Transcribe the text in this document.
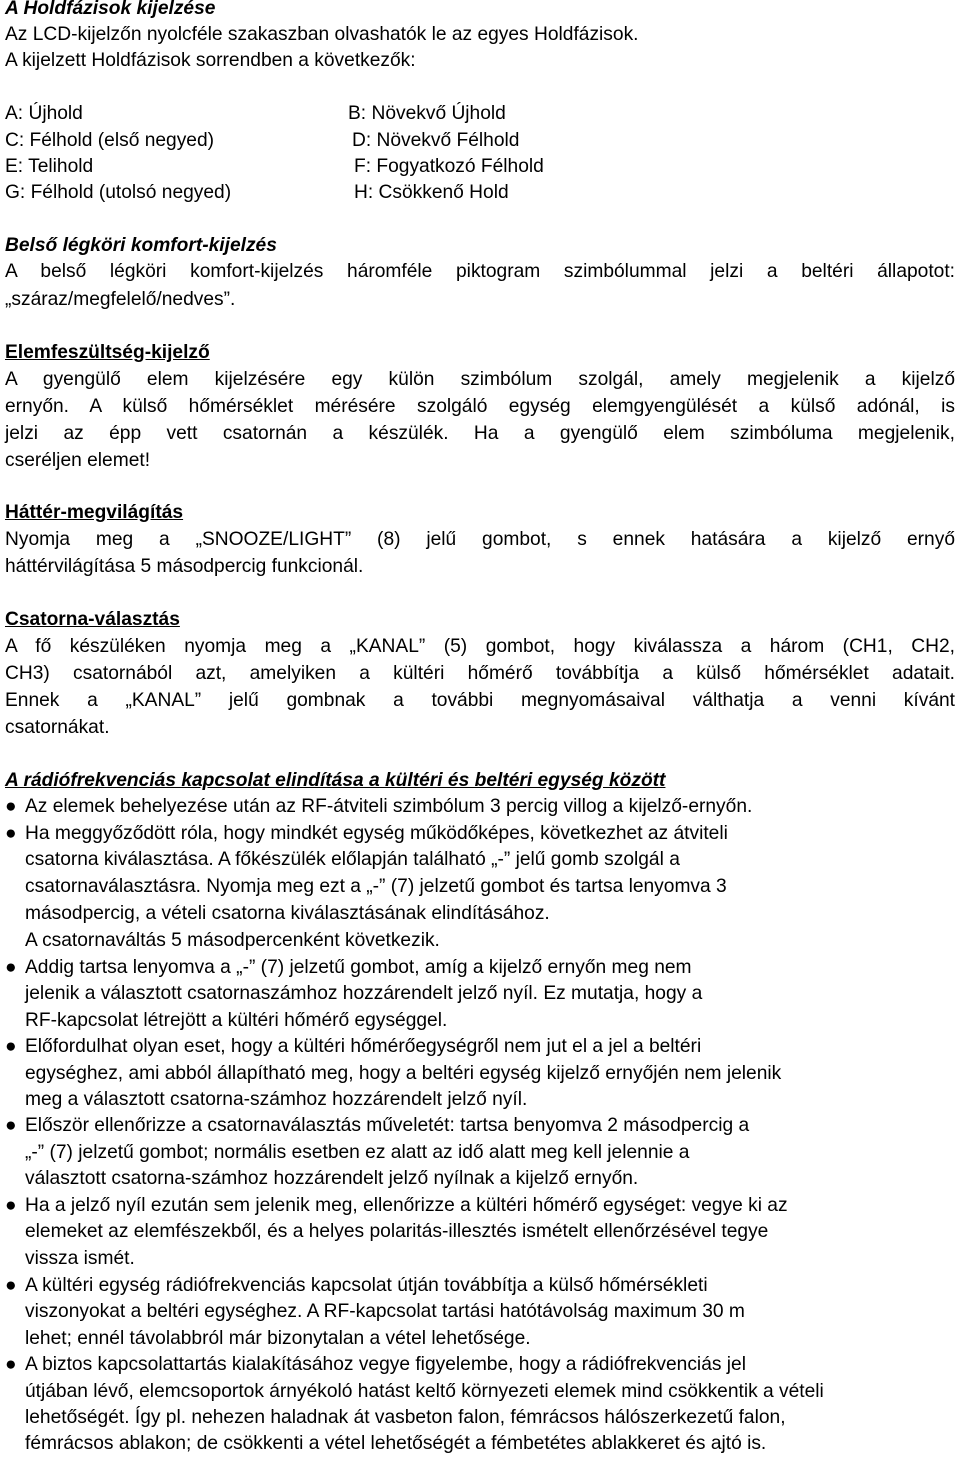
A Holdfázisok kijelzése
Az LCD-kijelzőn nyolcféle szakaszban olvashatók le az egyes Holdfázisok.
A kijelzett Holdfázisok sorrendben a következők:
A: Újhold	B: Növekvő Újhold
C: Félhold (első negyed)	D: Növekvő Félhold
E: Telihold	F: Fogyatkozó Félhold
G: Félhold (utolsó negyed)	H: Csökkenő Hold
Belső légköri komfort-kijelzés
A belső légköri komfort-kijelzés háromféle piktogram szimbólummal jelzi a beltéri állapotot:
„száraz/megfelelő/nedves”.
Elemfeszültség-kijelző
A gyengülő elem kijelzésére egy külön szimbólum szolgál, amely megjelenik a kijelző
ernyőn. A külső hőmérséklet mérésére szolgáló egység elemgyengülését a külső adónál, is
jelzi az épp vett csatornán a készülék. Ha a gyengülő elem szimbóluma megjelenik,
cseréljen elemet!
Háttér-megvilágítás
Nyomja meg a „SNOOZE/LIGHT” (8) jelű gombot, s ennek hatására a kijelző ernyő
háttérvilágítása 5 másodpercig funkcionál.
Csatorna-választás
A fő készüléken nyomja meg a „KANAL” (5) gombot, hogy kiválassza a három (CH1, CH2,
CH3) csatornából azt, amelyiken a kültéri hőmérő továbbítja a külső hőmérséklet adatait.
Ennek a „KANAL” jelű gombnak a további megnyomásaival válthatja a venni kívánt
csatornákat.
A rádiófrekvenciás kapcsolat elindítása a kültéri és beltéri egység között
● Az elemek behelyezése után az RF-átviteli szimbólum 3 percig villog a kijelző-ernyőn.
● Ha meggyőződött róla, hogy mindkét egység működőképes, következhet az átviteli
csatorna kiválasztása. A főkészülék előlapján található „-” jelű gomb szolgál a
csatornaválasztásra. Nyomja meg ezt a „-” (7) jelzetű gombot és tartsa lenyomva 3
másodpercig, a vételi csatorna kiválasztásának elindításához.
A csatornaváltás 5 másodpercenként következik.
● Addig tartsa lenyomva a „-” (7) jelzetű gombot, amíg a kijelző ernyőn meg nem
jelenik a választott csatornaszámhoz hozzárendelt jelző nyíl. Ez mutatja, hogy a
RF-kapcsolat létrejött a kültéri hőmérő egységgel.
● Előfordulhat olyan eset, hogy a kültéri hőmérőegységről nem jut el a jel a beltéri
egységhez, ami abból állapítható meg, hogy a beltéri egység kijelző ernyőjén nem jelenik
meg a választott csatorna-számhoz hozzárendelt jelző nyíl.
● Először ellenőrizze a csatornaválasztás műveletét: tartsa benyomva 2 másodpercig a
„-” (7) jelzetű gombot; normális esetben ez alatt az idő alatt meg kell jelennie a
választott csatorna-számhoz hozzárendelt jelző nyílnak a kijelző ernyőn.
● Ha a jelző nyíl ezután sem jelenik meg, ellenőrizze a kültéri hőmérő egységet: vegye ki az
elemeket az elemfészekből, és a helyes polaritás-illesztés ismételt ellenőrzésével tegye
vissza ismét.
● A kültéri egység rádiófrekvenciás kapcsolat útján továbbítja a külső hőmérsékleti
viszonyokat a beltéri egységhez. A RF-kapcsolat tartási hatótávolság maximum 30 m
lehet; ennél távolabbról már bizonytalan a vétel lehetősége.
● A biztos kapcsolattartás kialakításához vegye figyelembe, hogy a rádiófrekvenciás jel
útjában lévő, elemcsoportok árnyékoló hatást keltő környezeti elemek mind csökkentik a vételi
lehetőségét. Így pl. nehezen haladnak át vasbeton falon, fémrácsos hálószerkezetű falon,
fémrácsos ablakon; de csökkenti a vétel lehetőségét a fémbetétes ablakkeret és ajtó is.
